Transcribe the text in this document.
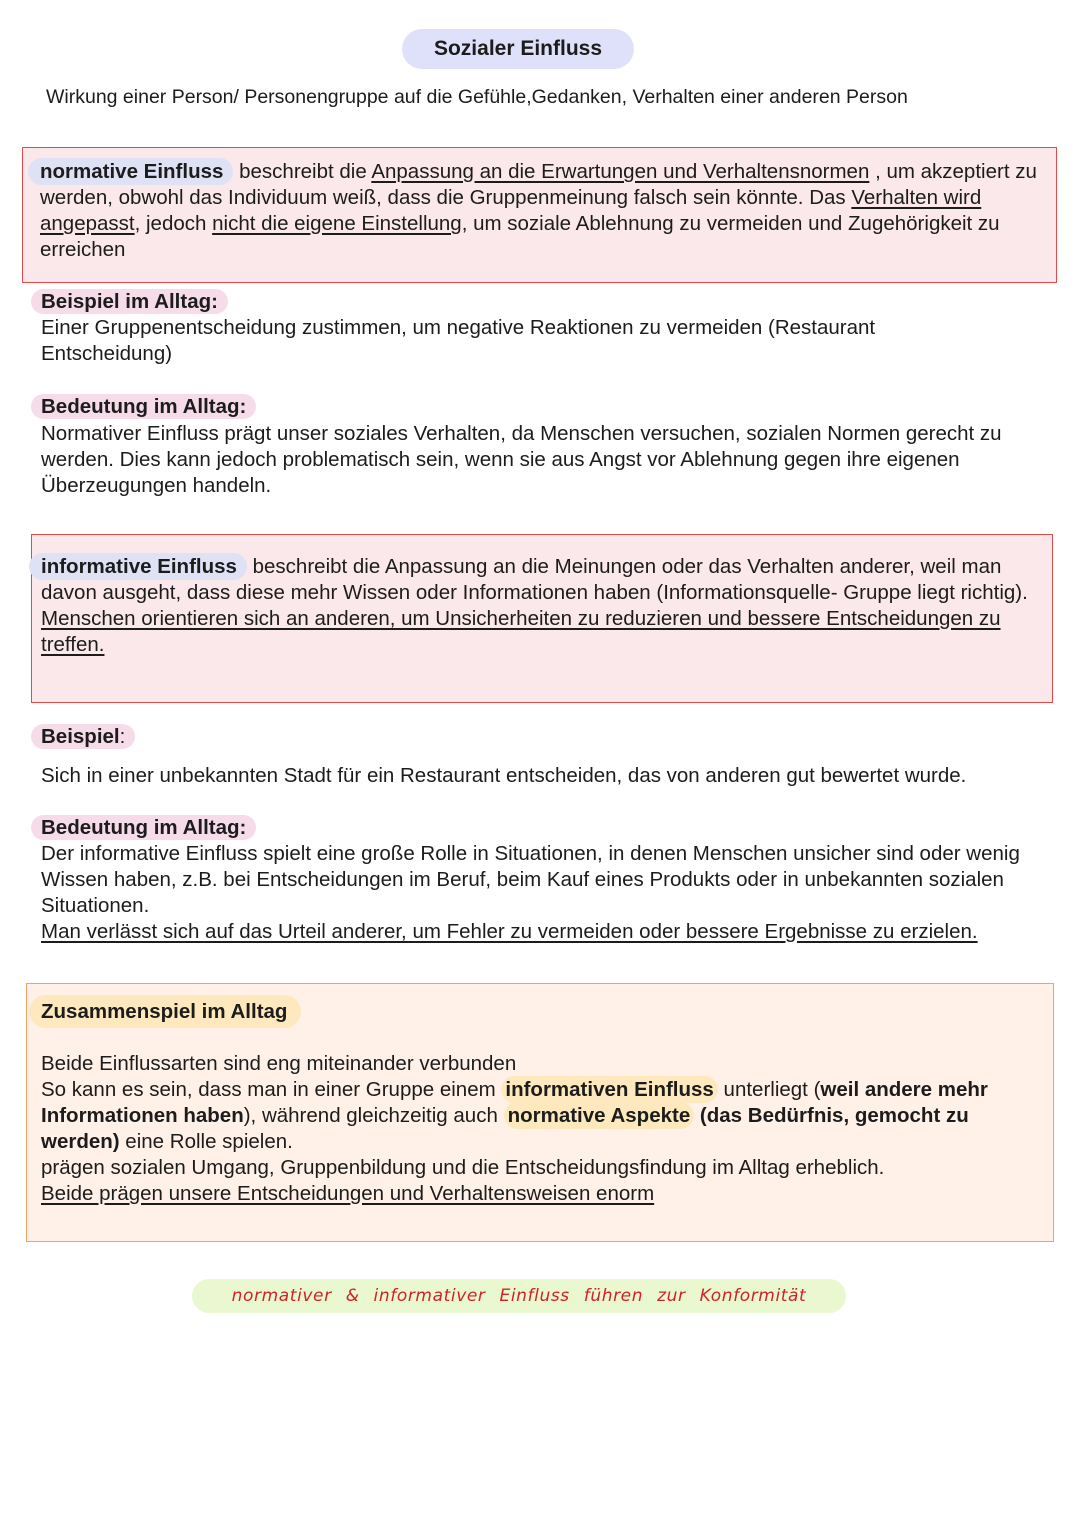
Sozialer Einfluss
Wirkung einer Person/ Personengruppe auf die Gefühle,Gedanken, Verhalten einer anderen Person
normative Einfluss beschreibt die Anpassung an die Erwartungen und Verhaltensnormen , um akzeptiert zu werden, obwohl das Individuum weiß, dass die Gruppenmeinung falsch sein könnte. Das Verhalten wird angepasst, jedoch nicht die eigene Einstellung, um soziale Ablehnung zu vermeiden und Zugehörigkeit zu erreichen
Beispiel im Alltag:
Einer Gruppenentscheidung zustimmen, um negative Reaktionen zu vermeiden (Restaurant Entscheidung)
Bedeutung im Alltag:
Normativer Einfluss prägt unser soziales Verhalten, da Menschen versuchen, sozialen Normen gerecht zu werden. Dies kann jedoch problematisch sein, wenn sie aus Angst vor Ablehnung gegen ihre eigenen Überzeugungen handeln.
informative Einfluss beschreibt die Anpassung an die Meinungen oder das Verhalten anderer, weil man davon ausgeht, dass diese mehr Wissen oder Informationen haben (Informationsquelle- Gruppe liegt richtig).
Menschen orientieren sich an anderen, um Unsicherheiten zu reduzieren und bessere Entscheidungen zu treffen.
Beispiel:
Sich in einer unbekannten Stadt für ein Restaurant entscheiden, das von anderen gut bewertet wurde.
Bedeutung im Alltag:
Der informative Einfluss spielt eine große Rolle in Situationen, in denen Menschen unsicher sind oder wenig Wissen haben, z.B. bei Entscheidungen im Beruf, beim Kauf eines Produkts oder in unbekannten sozialen Situationen.
Man verlässt sich auf das Urteil anderer, um Fehler zu vermeiden oder bessere Ergebnisse zu erzielen.
Zusammenspiel im Alltag
Beide Einflussarten sind eng miteinander verbunden
So kann es sein, dass man in einer Gruppe einem informativen Einfluss unterliegt (weil andere mehr Informationen haben), während gleichzeitig auch normative Aspekte (das Bedürfnis, gemocht zu werden) eine Rolle spielen.
prägen sozialen Umgang, Gruppenbildung und die Entscheidungsfindung im Alltag erheblich.
Beide prägen unsere Entscheidungen und Verhaltensweisen enorm
normativer & informativer Einfluss führen zur Konformität
